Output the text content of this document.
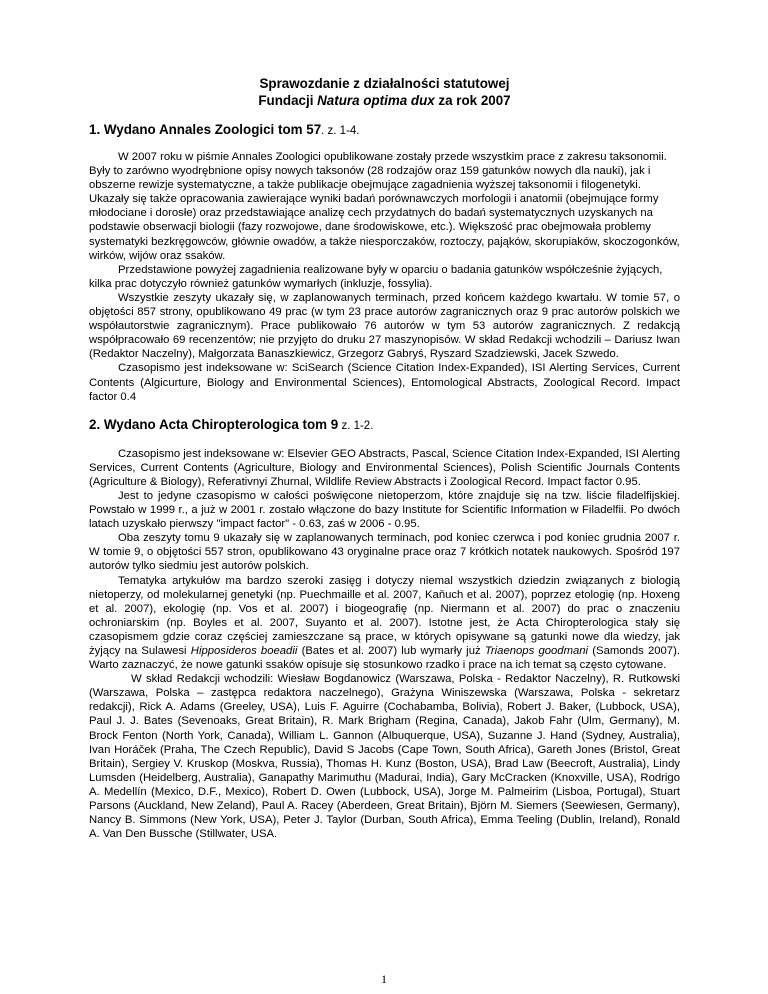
Sprawozdanie z działalności statutowej

Fundacji Natura optima dux za rok 2007

1. Wydano Annales Zoologici tom 57. z. 1-4.

W 2007 roku w piśmie Annales Zoologici opublikowane zostały przede wszystkim prace z zakresu taksonomii. Były to zarówno wyodrębnione opisy nowych taksonów (28 rodzajów oraz 159 gatunków nowych dla nauki), jak i obszerne rewizje systematyczne, a także publikacje obejmujące zagadnienia wyższej taksonomii i filogenetyki. Ukazały się także opracowania zawierające wyniki badań porównawczych morfologii i anatomii (obejmujące formy młodociane i dorosłe) oraz przedstawiające analizę cech przydatnych do badań systematycznych uzyskanych na podstawie obserwacji biologii (fazy rozwojowe, dane środowiskowe, etc.). Większość prac obejmowała problemy systematyki bezkręgowców, głównie owadów, a także niesporczaków, roztoczy, pająków, skorupiaków, skoczogonków, wirków, wijów oraz ssaków.

Przedstawione powyżej zagadnienia realizowane były w oparciu o badania gatunków współcześnie żyjących, kilka prac dotyczyło również gatunków wymarłych (inkluzje, fossylia).

Wszystkie zeszyty ukazały się, w zaplanowanych terminach, przed końcem każdego kwartału. W tomie 57, o objętości 857 strony, opublikowano 49 prac (w tym 23 prace autorów zagranicznych oraz 9 prac autorów polskich we współautorstwie zagranicznym). Prace publikowało 76 autorów w tym 53 autorów zagranicznych. Z redakcją współpracowało 69 recenzentów; nie przyjęto do druku 27 maszynopisów. W skład Redakcji wchodzili – Dariusz Iwan (Redaktor Naczelny), Małgorzata Banaszkiewicz, Grzegorz Gabryś, Ryszard Szadziewski, Jacek Szwedo.

Czasopismo jest indeksowane w: SciSearch (Science Citation Index-Expanded), ISI Alerting Services, Current Contents (Algicurture, Biology and Environmental Sciences), Entomological Abstracts, Zoological Record. Impact factor 0.4

2. Wydano Acta Chiropterologica tom 9 z. 1-2.

Czasopismo jest indeksowane w: Elsevier GEO Abstracts, Pascal, Science Citation Index-Expanded, ISI Alerting Services, Current Contents (Agriculture, Biology and Environmental Sciences), Polish Scientific Journals Contents (Agriculture & Biology), Referativnyi Zhurnal, Wildlife Review Abstracts i Zoological Record. Impact factor 0.95.

Jest to jedyne czasopismo w całości poświęcone nietoperzom, które znajduje się na tzw. liście filadelfijskiej. Powstało w 1999 r., a już w 2001 r. zostało włączone do bazy Institute for Scientific Information w Filadelfii. Po dwóch latach uzyskało pierwszy "impact factor" - 0.63, zaś w 2006 - 0.95.

Oba zeszyty tomu 9 ukazały się w zaplanowanych terminach, pod koniec czerwca i pod koniec grudnia 2007 r. W tomie 9, o objętości 557 stron, opublikowano 43 oryginalne prace oraz 7 krótkich notatek naukowych. Spośród 197 autorów tylko siedmiu jest autorów polskich.

Tematyka artykułów ma bardzo szeroki zasięg i dotyczy niemal wszystkich dziedzin związanych z biologią nietoperzy, od molekularnej genetyki (np. Puechmaille et al. 2007, Kaňuch et al. 2007), poprzez etologię (np. Hoxeng et al. 2007), ekologię (np. Vos et al. 2007) i biogeografię (np. Niermann et al. 2007) do prac o znaczeniu ochroniarskim (np. Boyles et al. 2007, Suyanto et al. 2007). Istotne jest, że Acta Chiropterologica stały się czasopismem gdzie coraz częściej zamieszczane są prace, w których opisywane są gatunki nowe dla wiedzy, jak żyjący na Sulawesi Hipposideros boeadii (Bates et al. 2007) lub wymarły już Triaenops goodmani (Samonds 2007). Warto zaznaczyć, że nowe gatunki ssaków opisuje się stosunkowo rzadko i prace na ich temat są często cytowane.

W skład Redakcji wchodzili: Wiesław Bogdanowicz (Warszawa, Polska - Redaktor Naczelny), R. Rutkowski (Warszawa, Polska – zastępca redaktora naczelnego), Grażyna Winiszewska (Warszawa, Polska - sekretarz redakcji), Rick A. Adams (Greeley, USA), Luis F. Aguirre (Cochabamba, Bolivia), Robert J. Baker, (Lubbock, USA), Paul J. J. Bates (Sevenoaks, Great Britain), R. Mark Brigham (Regina, Canada), Jakob Fahr (Ulm, Germany), M. Brock Fenton (North York, Canada), William L. Gannon (Albuquerque, USA), Suzanne J. Hand (Sydney, Australia), Ivan Horáček (Praha, The Czech Republic), David S Jacobs (Cape Town, South Africa), Gareth Jones (Bristol, Great Britain), Sergiey V. Kruskop (Moskva, Russia), Thomas H. Kunz (Boston, USA), Brad Law (Beecroft, Australia), Lindy Lumsden (Heidelberg, Australia), Ganapathy Marimuthu (Madurai, India), Gary McCracken (Knoxville, USA), Rodrigo A. Medellín (Mexico, D.F., Mexico), Robert D. Owen (Lubbock, USA), Jorge M. Palmeirim (Lisboa, Portugal), Stuart Parsons (Auckland, New Zeland), Paul A. Racey (Aberdeen, Great Britain), Björn M. Siemers (Seewiesen, Germany), Nancy B. Simmons (New York, USA), Peter J. Taylor (Durban, South Africa), Emma Teeling (Dublin, Ireland), Ronald A. Van Den Bussche (Stillwater, USA.

1
